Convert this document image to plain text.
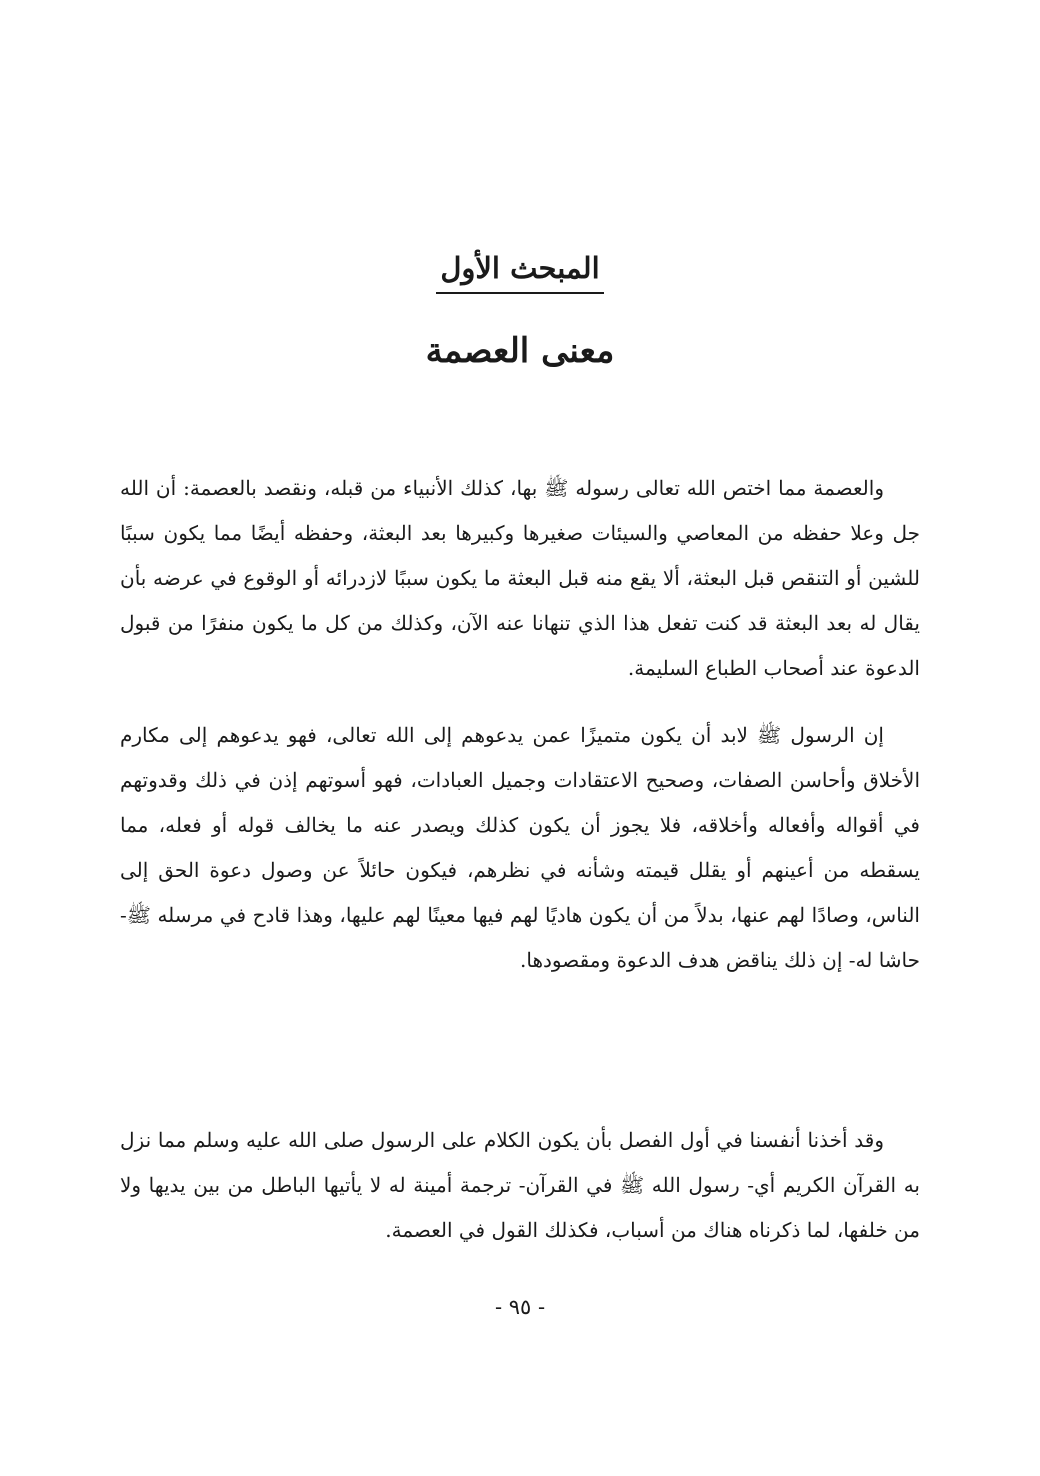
المبحث الأول
معنى العصمة

والعصمة مما اختص الله تعالى رسوله ﷺ بها، كذلك الأنبياء من قبله، ونقصد بالعصمة: أن الله جل وعلا حفظه من المعاصي والسيئات صغيرها وكبيرها بعد البعثة، وحفظه أيضًا مما يكون سببًا للشين أو التنقص قبل البعثة، ألا يقع منه قبل البعثة ما يكون سببًا لازدرائه أو الوقوع في عرضه بأن يقال له بعد البعثة قد كنت تفعل هذا الذي تنهانا عنه الآن، وكذلك من كل ما يكون منفرًا من قبول الدعوة عند أصحاب الطباع السليمة.

إن الرسول ﷺ لابد أن يكون متميزًا عمن يدعوهم إلى الله تعالى، فهو يدعوهم إلى مكارم الأخلاق وأحاسن الصفات، وصحيح الاعتقادات وجميل العبادات، فهو أسوتهم إذن في ذلك وقدوتهم في أقواله وأفعاله وأخلاقه، فلا يجوز أن يكون كذلك ويصدر عنه ما يخالف قوله أو فعله، مما يسقطه من أعينهم أو يقلل قيمته وشأنه في نظرهم، فيكون حائلاً عن وصول دعوة الحق إلى الناس، وصادًا لهم عنها، بدلاً من أن يكون هاديًا لهم فيها معينًا لهم عليها، وهذا قادح في مرسله ﷺ- حاشا له- إن ذلك يناقض هدف الدعوة ومقصودها.

وقد أخذنا أنفسنا في أول الفصل بأن يكون الكلام على الرسول صلى الله عليه وسلم مما نزل به القرآن الكريم أي- رسول الله ﷺ في القرآن- ترجمة أمينة له لا يأتيها الباطل من بين يديها ولا من خلفها، لما ذكرناه هناك من أسباب، فكذلك القول في العصمة.

- ٩٥ -
